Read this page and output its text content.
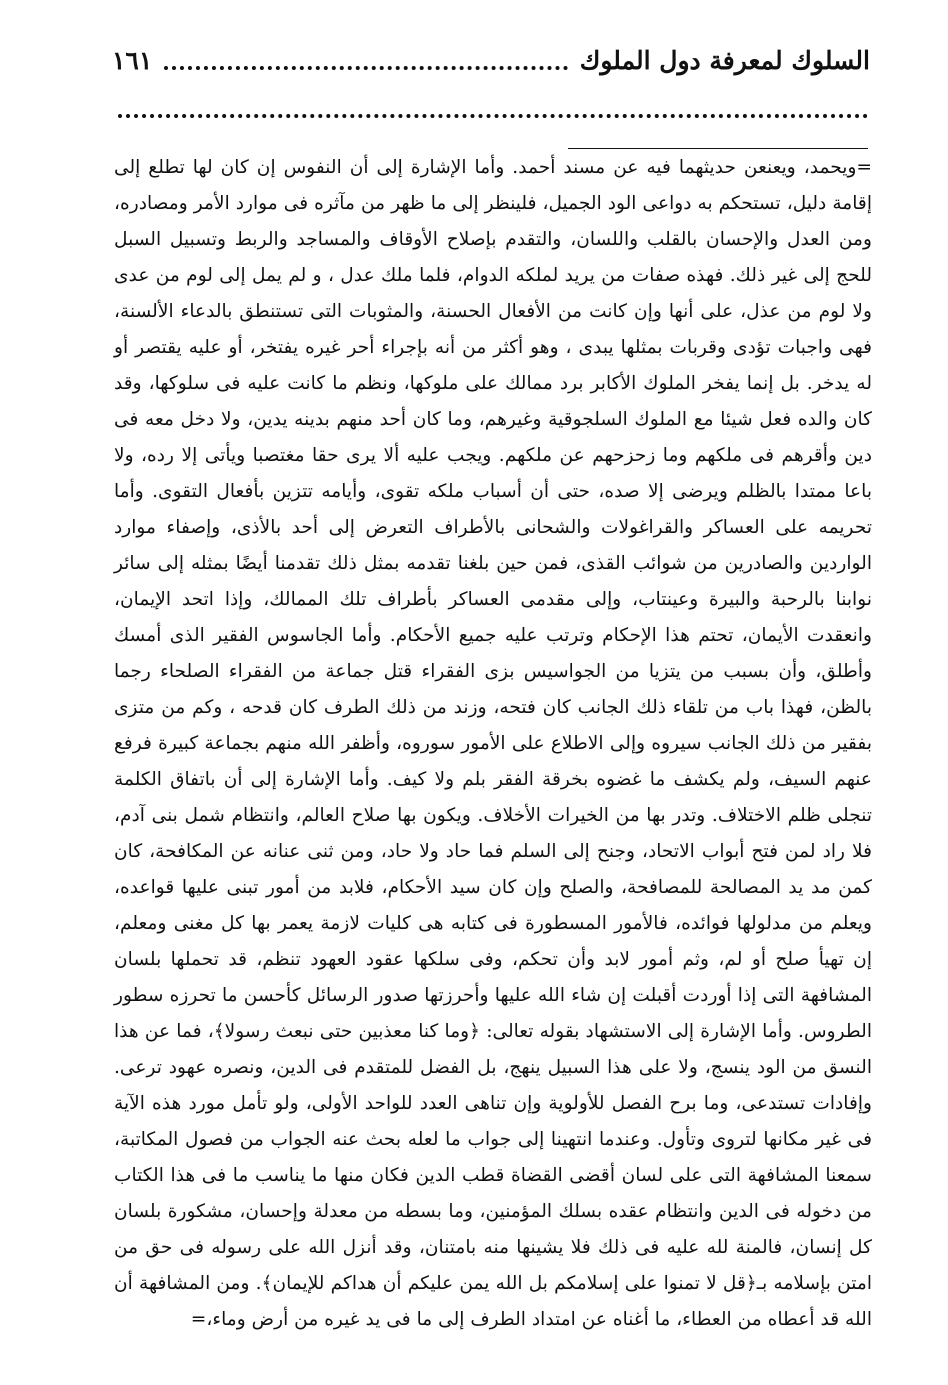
السلوك لمعرفة دول الملوك
١٦١

=ويحمد، ويعنعن حديثهما فيه عن مسند أحمد. وأما الإشارة إلى أن النفوس إن كان لها تطلع إلى إقامة دليل، تستحكم به دواعى الود الجميل، فلينظر إلى ما ظهر من مآثره فى موارد الأمر ومصادره، ومن العدل والإحسان بالقلب واللسان، والتقدم بإصلاح الأوقاف والمساجد والربط وتسبيل السبل للحج إلى غير ذلك. فهذه صفات من يريد لملكه الدوام، فلما ملك عدل ، و لم يمل إلى لوم من عدى ولا لوم من عذل، على أنها وإن كانت من الأفعال الحسنة، والمثوبات التى تستنطق بالدعاء الألسنة، فهى واجبات تؤدى وقربات بمثلها يبدى ، وهو أكثر من أنه بإجراء أحر غيره يفتخر، أو عليه يقتصر أو له يدخر. بل إنما يفخر الملوك الأكابر برد ممالك على ملوكها، ونظم ما كانت عليه فى سلوكها، وقد كان والده فعل شيئا مع الملوك السلجوقية وغيرهم، وما كان أحد منهم بدينه يدين، ولا دخل معه فى دين وأقرهم فى ملكهم وما زحزحهم عن ملكهم. ويجب عليه ألا يرى حقا مغتصبا ويأتى إلا رده، ولا باعا ممتدا بالظلم ويرضى إلا صده، حتى أن أسباب ملكه تقوى، وأيامه تتزين بأفعال التقوى. وأما تحريمه على العساكر والقراغولات والشحانى بالأطراف التعرض إلى أحد بالأذى، وإصفاء موارد الواردين والصادرين من شوائب القذى، فمن حين بلغنا تقدمه بمثل ذلك تقدمنا أيضًا بمثله إلى سائر نوابنا بالرحبة والبيرة وعينتاب، وإلى مقدمى العساكر بأطراف تلك الممالك، وإذا اتحد الإيمان، وانعقدت الأيمان، تحتم هذا الإحكام وترتب عليه جميع الأحكام. وأما الجاسوس الفقير الذى أمسك وأطلق، وأن بسبب من يتزيا من الجواسيس بزى الفقراء قتل جماعة من الفقراء الصلحاء رجما بالظن، فهذا باب من تلقاء ذلك الجانب كان فتحه، وزند من ذلك الطرف كان قدحه ، وكم من متزى بفقير من ذلك الجانب سيروه وإلى الاطلاع على الأمور سوروه، وأظفر الله منهم بجماعة كبيرة فرفع عنهم السيف، ولم يكشف ما غضوه بخرقة الفقر بلم ولا كيف. وأما الإشارة إلى أن باتفاق الكلمة تنجلى ظلم الاختلاف. وتدر بها من الخيرات الأخلاف. ويكون بها صلاح العالم، وانتظام شمل بنى آدم، فلا راد لمن فتح أبواب الاتحاد، وجنح إلى السلم فما حاد ولا حاد، ومن ثنى عنانه عن المكافحة، كان كمن مد يد المصالحة للمصافحة، والصلح وإن كان سيد الأحكام، فلابد من أمور تبنى عليها قواعده، ويعلم من مدلولها فوائده، فالأمور المسطورة فى كتابه هى كليات لازمة يعمر بها كل مغنى ومعلم، إن تهيأ صلح أو لم، وثم أمور لابد وأن تحكم، وفى سلكها عقود العهود تنظم، قد تحملها بلسان المشافهة التى إذا أوردت أقبلت إن شاء الله عليها وأحرزتها صدور الرسائل كأحسن ما تحرزه سطور الطروس. وأما الإشارة إلى الاستشهاد بقوله تعالى: ﴿وما كنا معذبين حتى نبعث رسولا﴾، فما عن هذا النسق من الود ينسج، ولا على هذا السبيل ينهج، بل الفضل للمتقدم فى الدين، ونصره عهود ترعى. وإفادات تستدعى، وما برح الفصل للأولوية وإن تناهى العدد للواحد الأولى، ولو تأمل مورد هذه الآية فى غير مكانها لتروى وتأول. وعندما انتهينا إلى جواب ما لعله بحث عنه الجواب من فصول المكاتبة، سمعنا المشافهة التى على لسان أقضى القضاة قطب الدين فكان منها ما يناسب ما فى هذا الكتاب من دخوله فى الدين وانتظام عقده بسلك المؤمنين، وما بسطه من معدلة وإحسان، مشكورة بلسان كل إنسان، فالمنة لله عليه فى ذلك فلا يشينها منه بامتنان، وقد أنزل الله على رسوله فى حق من امتن بإسلامه بـ﴿قل لا تمنوا على إسلامكم بل الله يمن عليكم أن هداكم للإيمان﴾. ومن المشافهة أن الله قد أعطاه من العطاء، ما أغناه عن امتداد الطرف إلى ما فى يد غيره من أرض وماء،=
